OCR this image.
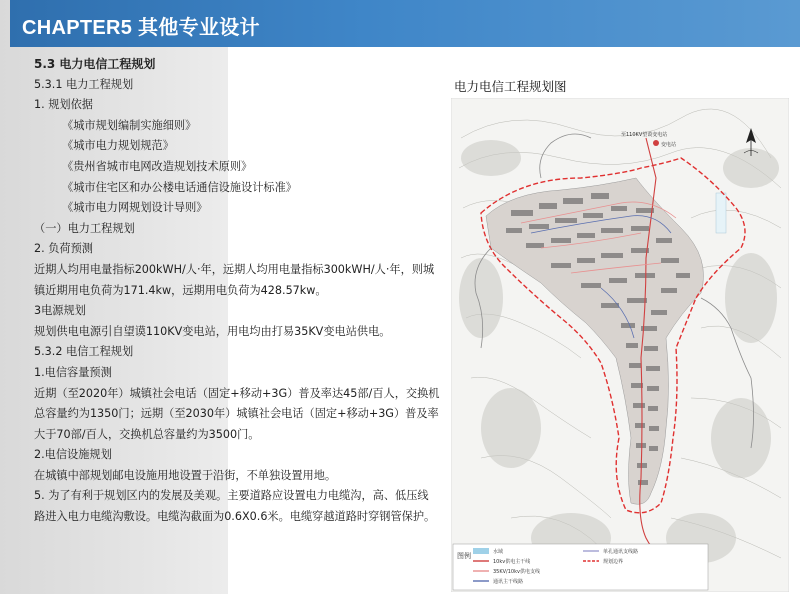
CHAPTER5 其他专业设计
5.3 电力电信工程规划
5.3.1 电力工程规划
1. 规划依据
《城市规划编制实施细则》
《城市电力规划规范》
《贵州省城市电网改造规划技术原则》
《城市住宅区和办公楼电话通信设施设计标准》
《城市电力网规划设计导则》
（一）电力工程规划
2. 负荷预测
近期人均用电量指标200kWH/人·年，远期人均用电量指标300kWH/人·年，则城
镇近期用电负荷为171.4kw，远期用电负荷为428.57kw。
3电源规划
规划供电电源引自望谟110KV变电站，用电均由打易35KV变电站供电。
5.3.2 电信工程规划
1.电信容量预测
近期（至2020年）城镇社会电话（固定+移动+3G）普及率达45部/百人，交换机
总容量约为1350门；远期（至2030年）城镇社会电话（固定+移动+3G）普及率
大于70部/百人，交换机总容量约为3500门。
2.电信设施规划
在城镇中部规划邮电设施用地设置于沿街，不单独设置用地。
5. 为了有利于规划区内的发展及美观。主要道路应设置电力电缆沟，高、低压线
路进入电力电缆沟敷设。电缆沟截面为0.6X0.6米。电缆穿越道路时穿钢管保护。
电力电信工程规划图
至110KV望谟变电站
变电站
图例	水域
10kv供电主干线
35KV/10kv供电支线
通讯主干线路
单孔通讯支线路
规划边界
